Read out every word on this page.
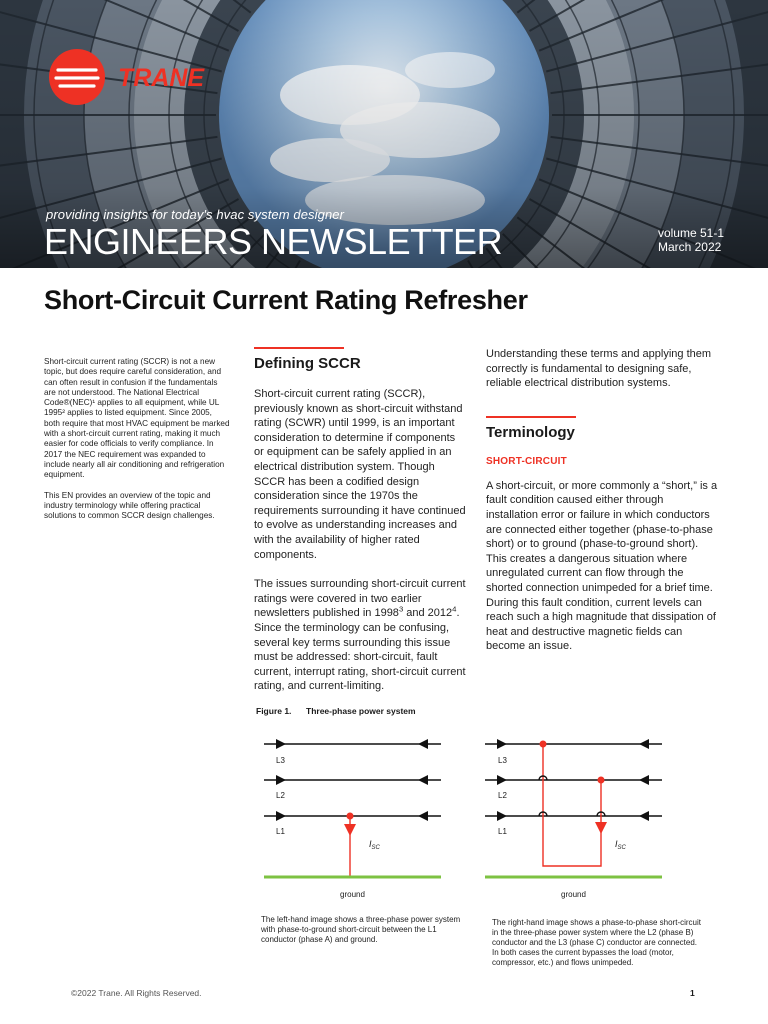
TRANE
providing insights for today's hvac system designer
ENGINEERS NEWSLETTER	volume 51-1
March 2022
Short-Circuit Current Rating Refresher

Short-circuit current rating (SCCR) is not a new topic, but does require careful consideration, and can often result in confusion if the fundamentals are not understood. The National Electrical Code®(NEC)¹ applies to all equipment, while UL 1995² applies to listed equipment. Since 2005, both require that most HVAC equipment be marked with a short-circuit current rating, making it much easier for code officials to verify compliance. In 2017 the NEC requirement was expanded to include nearly all air conditioning and refrigeration equipment.

This EN provides an overview of the topic and industry terminology while offering practical solutions to common SCCR design challenges.

Defining SCCR

Short-circuit current rating (SCCR), previously known as short-circuit withstand rating (SCWR) until 1999, is an important consideration to determine if components or equipment can be safely applied in an electrical distribution system. Though SCCR has been a codified design consideration since the 1970s the requirements surrounding it have continued to evolve as understanding increases and with the availability of higher rated components.

The issues surrounding short-circuit current ratings were covered in two earlier newsletters published in 1998$^3$ and 2012$^4$. Since the terminology can be confusing, several key terms surrounding this issue must be addressed: short-circuit, fault current, interrupt rating, short-circuit current rating, and current-limiting.

Understanding these terms and applying them correctly is fundamental to designing safe, reliable electrical distribution systems.

Terminology
SHORT-CIRCUIT

A short-circuit, or more commonly a “short,” is a fault condition caused either through installation error or failure in which conductors are connected either together (phase-to-phase short) or to ground (phase-to-ground short). This creates a dangerous situation where unregulated current can flow through the shorted connection unimpeded for a brief time. During this fault condition, current levels can reach such a high magnitude that dissipation of heat and destructive magnetic fields can become an issue.

Figure 1. Three-phase power system
L3
L2
L1
$I_{SC}$
ground
L3
L2
L1
$I_{SC}$
ground
The left-hand image shows a three-phase power system with phase-to-ground short-circuit between the L1 conductor (phase A) and ground.
The right-hand image shows a phase-to-phase short-circuit in the three-phase power system where the L2 (phase B) conductor and the L3 (phase C) conductor are connected. In both cases the current bypasses the load (motor, compressor, etc.) and flows unimpeded.
©2022 Trane. All Rights Reserved.	1
